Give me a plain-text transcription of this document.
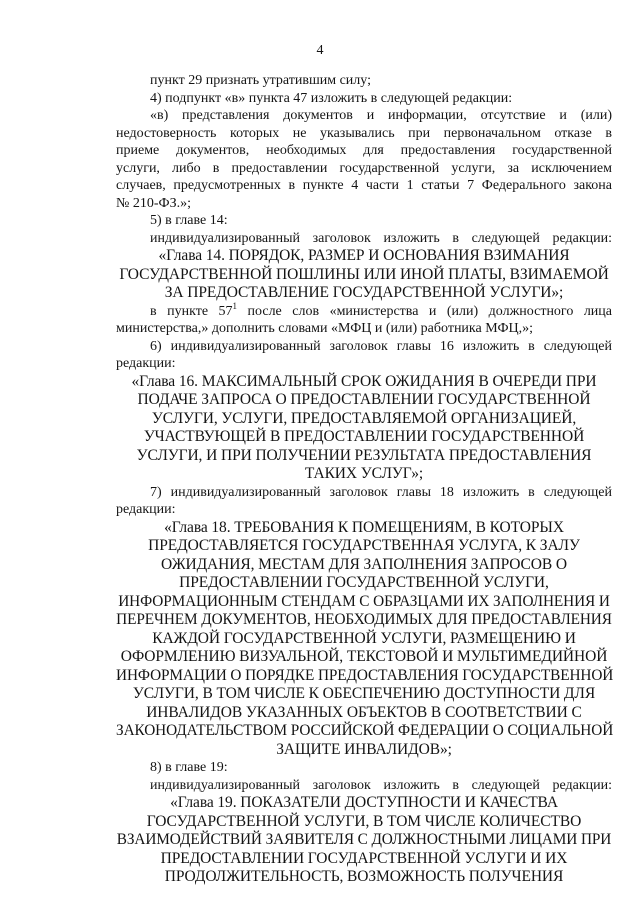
4
пункт 29 признать утратившим силу;
4) подпункт «в» пункта 47 изложить в следующей редакции:
«в) представления документов и информации, отсутствие и (или)
недостоверность которых не указывались при первоначальном отказе в
приеме документов, необходимых для предоставления государственной
услуги, либо в предоставлении государственной услуги, за исключением
случаев, предусмотренных в пункте 4 части 1 статьи 7 Федерального закона
№ 210-ФЗ.»;
5) в главе 14:
индивидуализированный заголовок изложить в следующей редакции:
«Глава 14. ПОРЯДОК, РАЗМЕР И ОСНОВАНИЯ ВЗИМАНИЯ
ГОСУДАРСТВЕННОЙ ПОШЛИНЫ ИЛИ ИНОЙ ПЛАТЫ, ВЗИМАЕМОЙ
ЗА ПРЕДОСТАВЛЕНИЕ ГОСУДАРСТВЕННОЙ УСЛУГИ»;
в пункте $57^1$ после слов «министерства и (или) должностного лица
министерства,» дополнить словами «МФЦ и (или) работника МФЦ,»;
6) индивидуализированный заголовок главы 16 изложить в следующей
редакции:
«Глава 16. МАКСИМАЛЬНЫЙ СРОК ОЖИДАНИЯ В ОЧЕРЕДИ ПРИ
ПОДАЧЕ ЗАПРОСА О ПРЕДОСТАВЛЕНИИ ГОСУДАРСТВЕННОЙ
УСЛУГИ, УСЛУГИ, ПРЕДОСТАВЛЯЕМОЙ ОРГАНИЗАЦИЕЙ,
УЧАСТВУЮЩЕЙ В ПРЕДОСТАВЛЕНИИ ГОСУДАРСТВЕННОЙ
УСЛУГИ, И ПРИ ПОЛУЧЕНИИ РЕЗУЛЬТАТА ПРЕДОСТАВЛЕНИЯ
ТАКИХ УСЛУГ»;
7) индивидуализированный заголовок главы 18 изложить в следующей
редакции:
«Глава 18. ТРЕБОВАНИЯ К ПОМЕЩЕНИЯМ, В КОТОРЫХ
ПРЕДОСТАВЛЯЕТСЯ ГОСУДАРСТВЕННАЯ УСЛУГА, К ЗАЛУ
ОЖИДАНИЯ, МЕСТАМ ДЛЯ ЗАПОЛНЕНИЯ ЗАПРОСОВ О
ПРЕДОСТАВЛЕНИИ ГОСУДАРСТВЕННОЙ УСЛУГИ,
ИНФОРМАЦИОННЫМ СТЕНДАМ С ОБРАЗЦАМИ ИХ ЗАПОЛНЕНИЯ И
ПЕРЕЧНЕМ ДОКУМЕНТОВ, НЕОБХОДИМЫХ ДЛЯ ПРЕДОСТАВЛЕНИЯ
КАЖДОЙ ГОСУДАРСТВЕННОЙ УСЛУГИ, РАЗМЕЩЕНИЮ И
ОФОРМЛЕНИЮ ВИЗУАЛЬНОЙ, ТЕКСТОВОЙ И МУЛЬТИМЕДИЙНОЙ
ИНФОРМАЦИИ О ПОРЯДКЕ ПРЕДОСТАВЛЕНИЯ ГОСУДАРСТВЕННОЙ
УСЛУГИ, В ТОМ ЧИСЛЕ К ОБЕСПЕЧЕНИЮ ДОСТУПНОСТИ ДЛЯ
ИНВАЛИДОВ УКАЗАННЫХ ОБЪЕКТОВ В СООТВЕТСТВИИ С
ЗАКОНОДАТЕЛЬСТВОМ РОССИЙСКОЙ ФЕДЕРАЦИИ О СОЦИАЛЬНОЙ
ЗАЩИТЕ ИНВАЛИДОВ»;
8) в главе 19:
индивидуализированный заголовок изложить в следующей редакции:
«Глава 19. ПОКАЗАТЕЛИ ДОСТУПНОСТИ И КАЧЕСТВА
ГОСУДАРСТВЕННОЙ УСЛУГИ, В ТОМ ЧИСЛЕ КОЛИЧЕСТВО
ВЗАИМОДЕЙСТВИЙ ЗАЯВИТЕЛЯ С ДОЛЖНОСТНЫМИ ЛИЦАМИ ПРИ
ПРЕДОСТАВЛЕНИИ ГОСУДАРСТВЕННОЙ УСЛУГИ И ИХ
ПРОДОЛЖИТЕЛЬНОСТЬ, ВОЗМОЖНОСТЬ ПОЛУЧЕНИЯ
